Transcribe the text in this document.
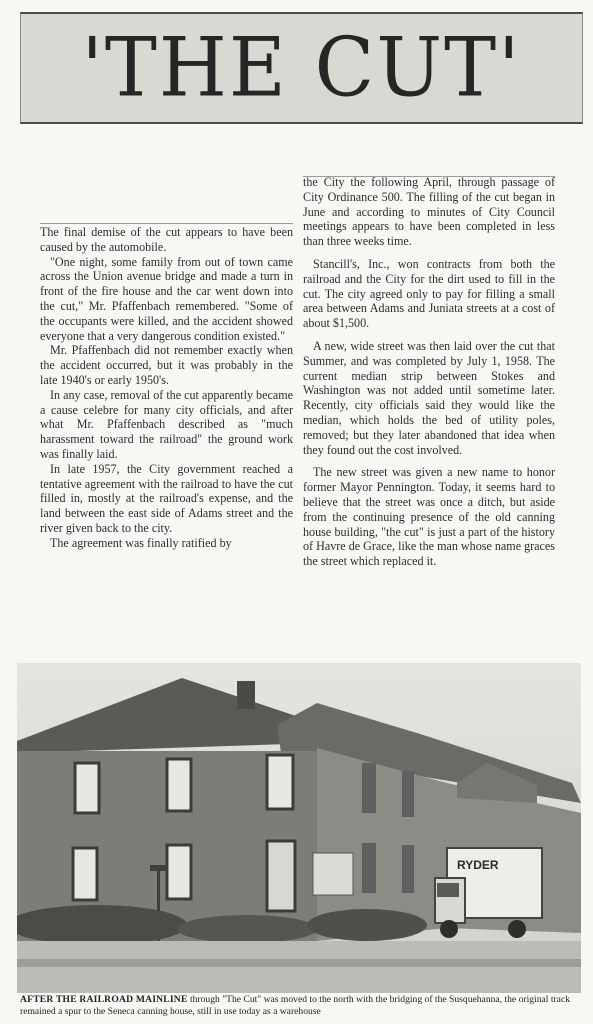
'THE CUT'

The final demise of the cut appears to have been caused by the automobile.

"One night, some family from out of town came across the Union avenue bridge and made a turn in front of the fire house and the car went down into the cut," Mr. Pfaffenbach remembered. "Some of the occupants were killed, and the accident showed everyone that a very dangerous condition existed."

Mr. Pfaffenbach did not remember exactly when the accident occurred, but it was probably in the late 1940's or early 1950's.

In any case, removal of the cut apparently became a cause celebre for many city officials, and after what Mr. Pfaffenbach described as "much harassment toward the railroad" the ground work was finally laid.

In late 1957, the City government reached a tentative agreement with the railroad to have the cut filled in, mostly at the railroad's expense, and the land between the east side of Adams street and the river given back to the city.

The agreement was finally ratified by

the City the following April, through passage of City Ordinance 500. The filling of the cut began in June and according to minutes of City Council meetings appears to have been completed in less than three weeks time.

Stancill's, Inc., won contracts from both the railroad and the City for the dirt used to fill in the cut. The city agreed only to pay for filling a small area between Adams and Juniata streets at a cost of about $1,500.

A new, wide street was then laid over the cut that Summer, and was completed by July 1, 1958. The current median strip between Stokes and Washington was not added until sometime later. Recently, city officials said they would like the median, which holds the bed of utility poles, removed; but they later abandoned that idea when they found out the cost involved.

The new street was given a new name to honor former Mayor Pennington. Today, it seems hard to believe that the street was once a ditch, but aside from the continuing presence of the old canning house building, "the cut" is just a part of the history of Havre de Grace, like the man whose name graces the street which replaced it.

RYDER
AFTER THE RAILROAD MAINLINE through "The Cut" was moved to the north with the bridging of the Susquehanna, the original track remained a spur to the Seneca canning house, still in use today as a warehouse
